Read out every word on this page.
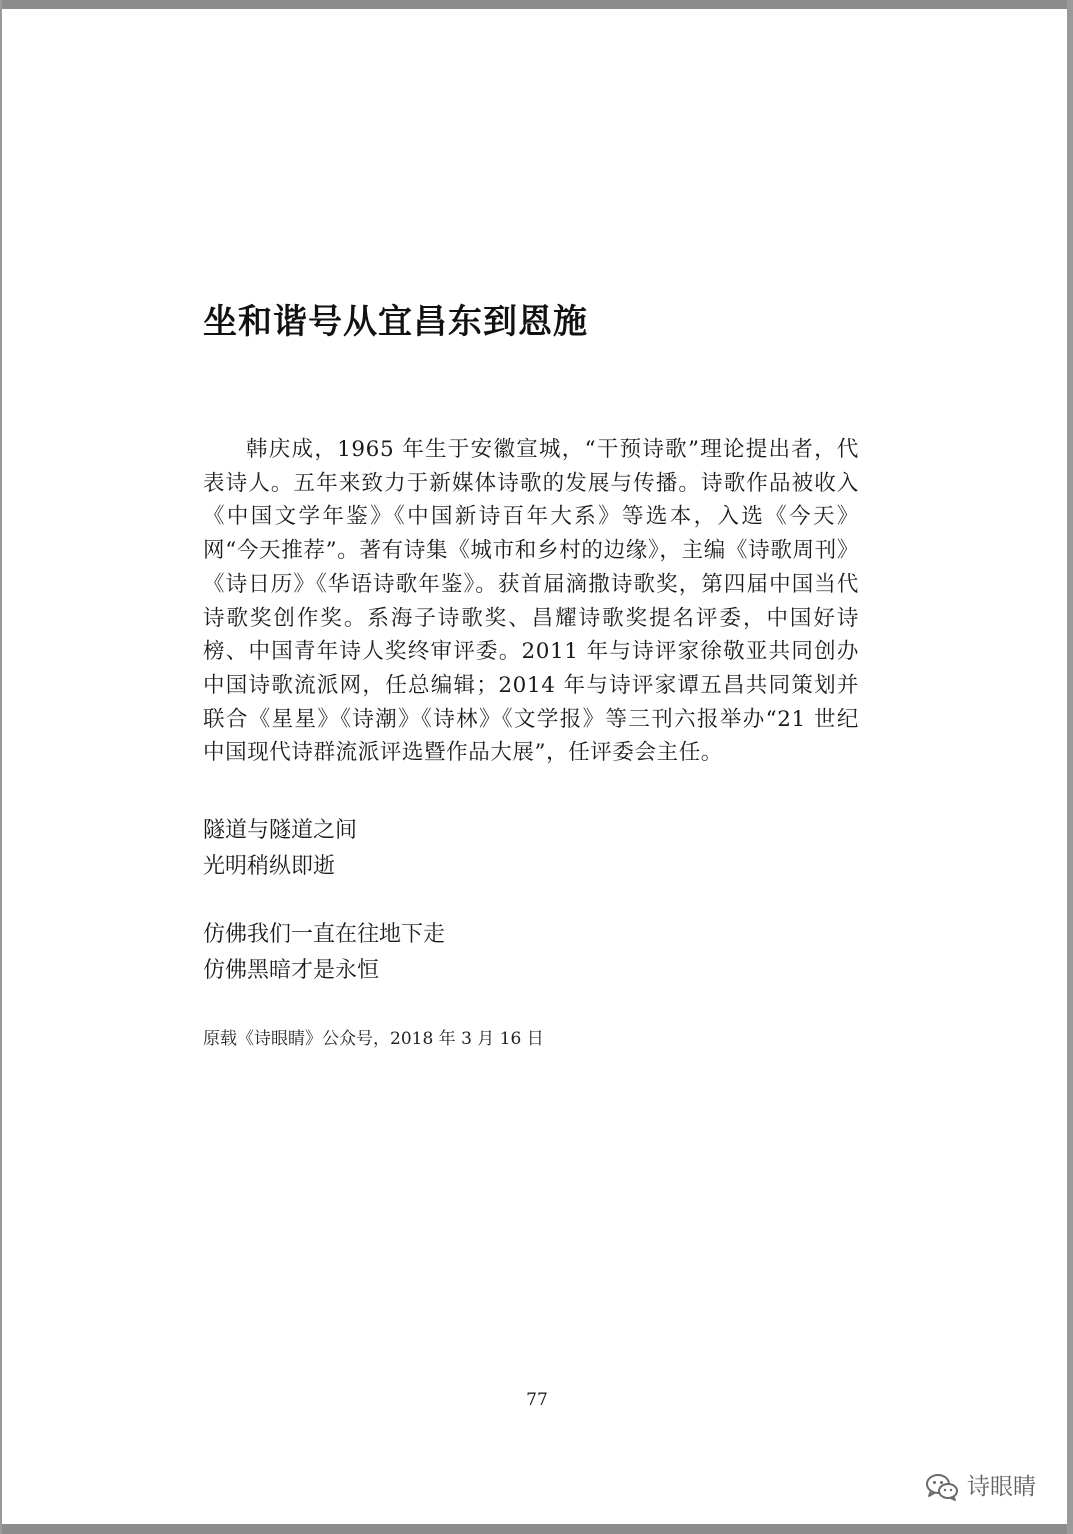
坐和谐号从宜昌东到恩施

韩庆成，1965 年生于安徽宣城，“干预诗歌”理论提出者，代表诗人。五年来致力于新媒体诗歌的发展与传播。诗歌作品被收入《中国文学年鉴》《中国新诗百年大系》等选本，入选《今天》网“今天推荐”。著有诗集《城市和乡村的边缘》，主编《诗歌周刊》《诗日历》《华语诗歌年鉴》。获首届滴撒诗歌奖，第四届中国当代诗歌奖创作奖。系海子诗歌奖、昌耀诗歌奖提名评委，中国好诗榜、中国青年诗人奖终审评委。2011 年与诗评家徐敬亚共同创办中国诗歌流派网，任总编辑；2014 年与诗评家谭五昌共同策划并联合《星星》《诗潮》《诗林》《文学报》等三刊六报举办“21 世纪中国现代诗群流派评选暨作品大展”，任评委会主任。

隧道与隧道之间
光明稍纵即逝
仿佛我们一直在往地下走
仿佛黑暗才是永恒

原载《诗眼睛》公众号，2018 年 3 月 16 日

77
诗眼睛
